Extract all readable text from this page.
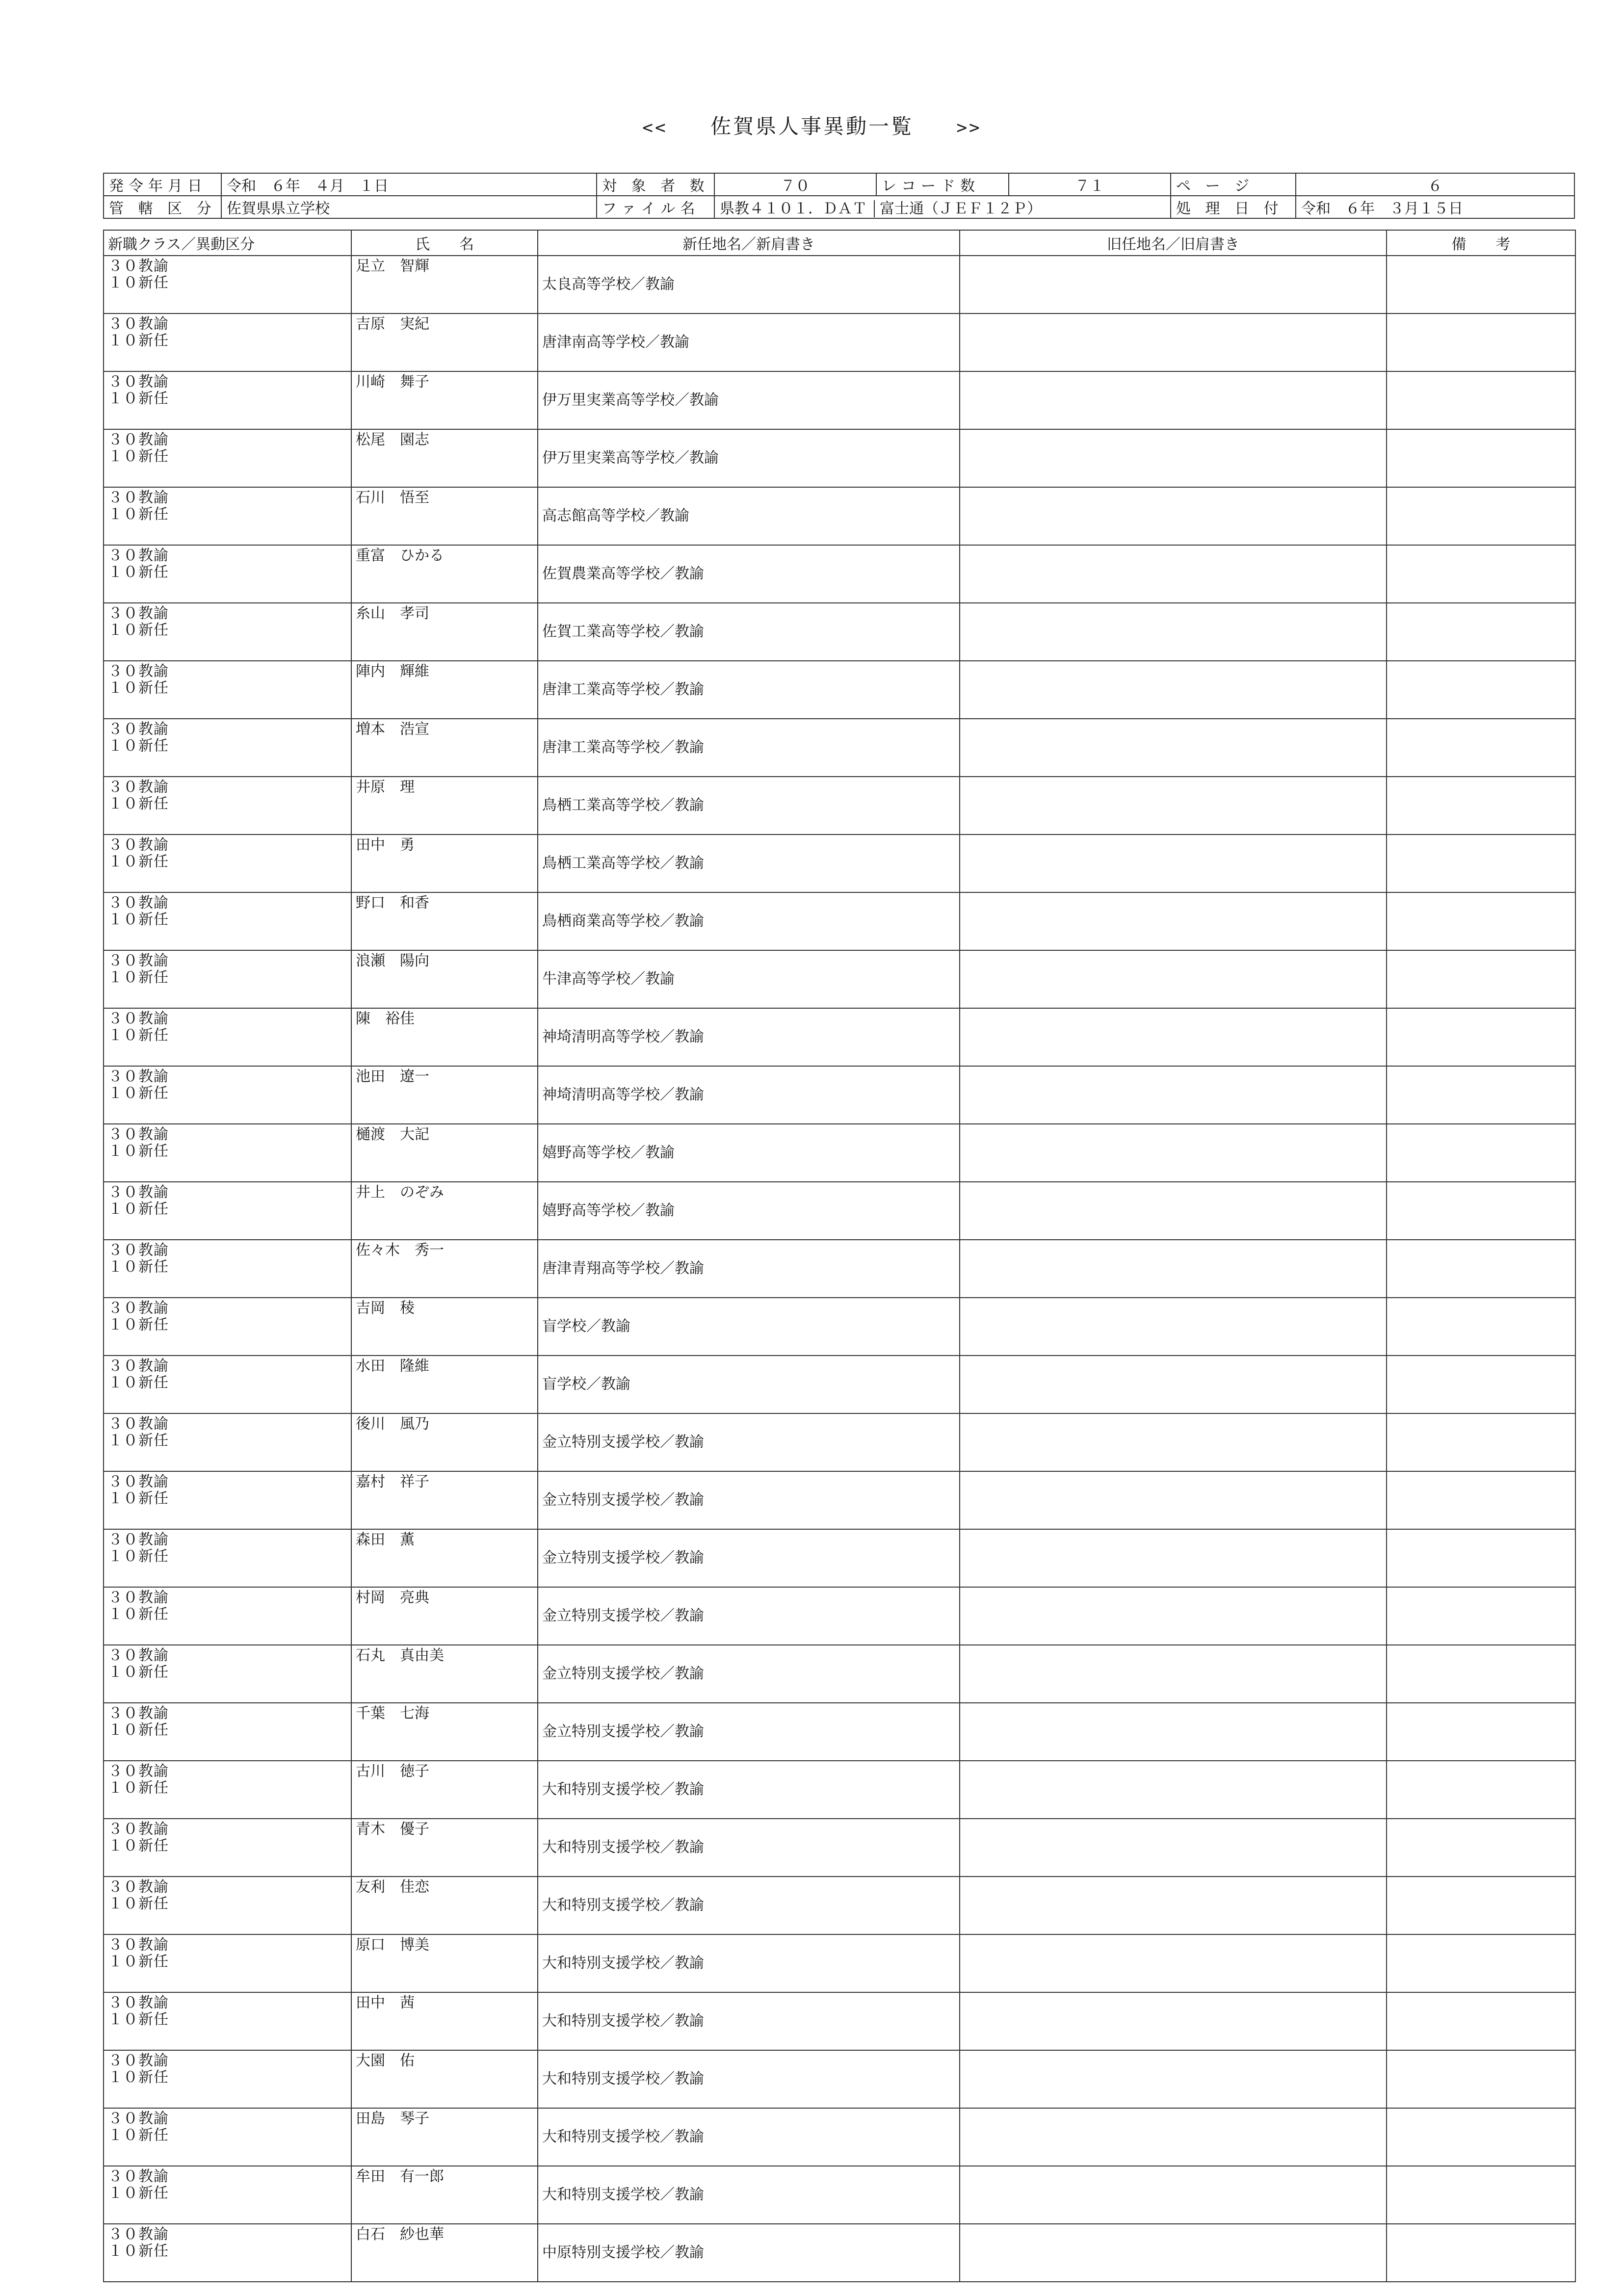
<< 佐賀県人事異動一覧 >>
発令年月日	令和　６年　４月　１日	対 象 者 数	７０	レコード数	７１	ペ ー ジ	６
管 轄 区 分	佐賀県県立学校	ファイル名	県教４１０１．ＤＡＴ 富士通（ＪＥＦ１２Ｐ）			処 理 日 付	令和　６年　３月１５日
新職クラス／異動区分	氏　　名	新任地名／新肩書き	旧任地名／旧肩書き	備　　考

３０教諭
１０新任	足立　智輝	太良高等学校／教諭		

３０教諭
１０新任	吉原　実紀	唐津南高等学校／教諭		

３０教諭
１０新任	川崎　舞子	伊万里実業高等学校／教諭		

３０教諭
１０新任	松尾　園志	伊万里実業高等学校／教諭		

３０教諭
１０新任	石川　悟至	高志館高等学校／教諭		

３０教諭
１０新任	重富　ひかる	佐賀農業高等学校／教諭		

３０教諭
１０新任	糸山　孝司	佐賀工業高等学校／教諭		

３０教諭
１０新任	陣内　輝維	唐津工業高等学校／教諭		

３０教諭
１０新任	増本　浩宣	唐津工業高等学校／教諭		

３０教諭
１０新任	井原　理	鳥栖工業高等学校／教諭		

３０教諭
１０新任	田中　勇	鳥栖工業高等学校／教諭		

３０教諭
１０新任	野口　和香	鳥栖商業高等学校／教諭		

３０教諭
１０新任	浪瀬　陽向	牛津高等学校／教諭		

３０教諭
１０新任	陳　裕佳	神埼清明高等学校／教諭		

３０教諭
１０新任	池田　遼一	神埼清明高等学校／教諭		

３０教諭
１０新任	樋渡　大記	嬉野高等学校／教諭		

３０教諭
１０新任	井上　のぞみ	嬉野高等学校／教諭		

３０教諭
１０新任	佐々木　秀一	唐津青翔高等学校／教諭		

３０教諭
１０新任	吉岡　稜	盲学校／教諭		

３０教諭
１０新任	水田　隆維	盲学校／教諭		

３０教諭
１０新任	後川　風乃	金立特別支援学校／教諭		

３０教諭
１０新任	嘉村　祥子	金立特別支援学校／教諭		

３０教諭
１０新任	森田　薫	金立特別支援学校／教諭		

３０教諭
１０新任	村岡　亮典	金立特別支援学校／教諭		

３０教諭
１０新任	石丸　真由美	金立特別支援学校／教諭		

３０教諭
１０新任	千葉　七海	金立特別支援学校／教諭		

３０教諭
１０新任	古川　徳子	大和特別支援学校／教諭		

３０教諭
１０新任	青木　優子	大和特別支援学校／教諭		

３０教諭
１０新任	友利　佳恋	大和特別支援学校／教諭		

３０教諭
１０新任	原口　博美	大和特別支援学校／教諭		

３０教諭
１０新任	田中　茜	大和特別支援学校／教諭		

３０教諭
１０新任	大園　佑	大和特別支援学校／教諭		

３０教諭
１０新任	田島　琴子	大和特別支援学校／教諭		

３０教諭
１０新任	牟田　有一郎	大和特別支援学校／教諭		

３０教諭
１０新任	白石　紗也華	中原特別支援学校／教諭		
